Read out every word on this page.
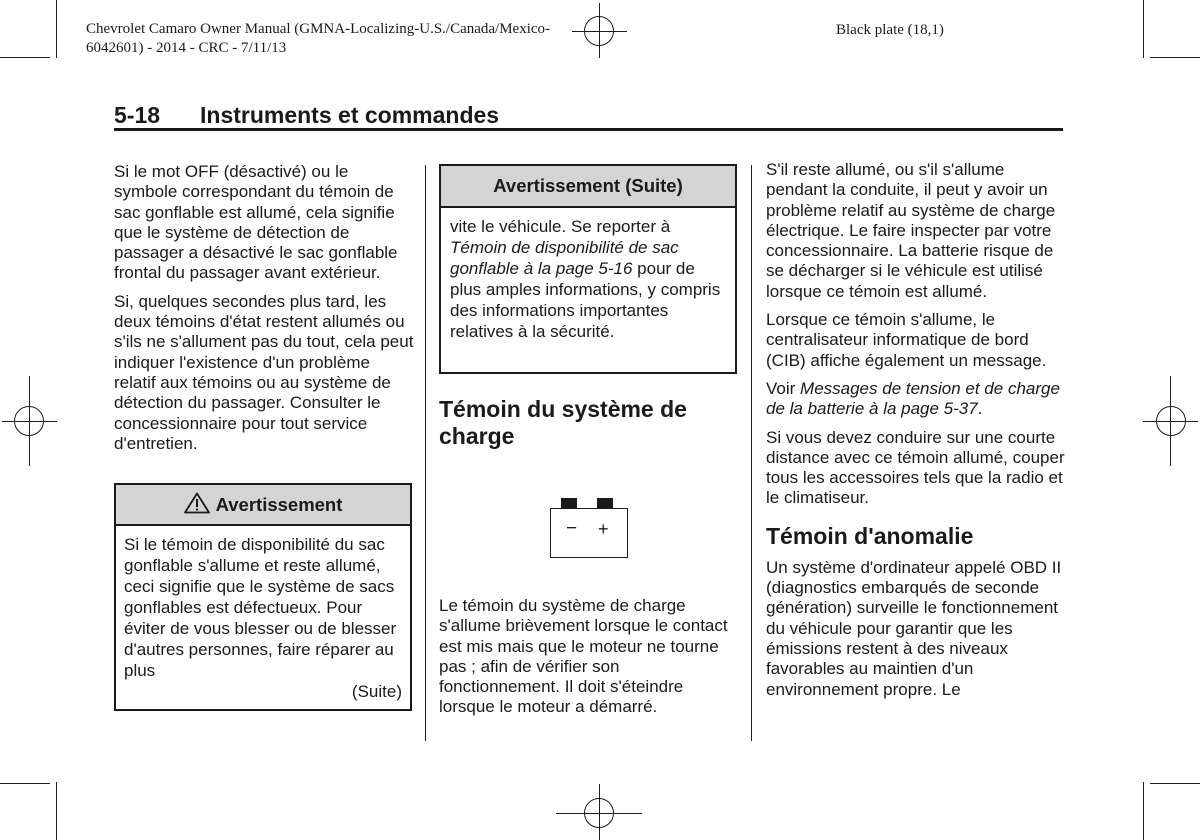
Chevrolet Camaro Owner Manual (GMNA-Localizing-U.S./Canada/Mexico-
6042601) - 2014 - CRC - 7/11/13
Black plate (18,1)
5-18 Instruments et commandes

Si le mot OFF (désactivé) ou le symbole correspondant du témoin de sac gonflable est allumé, cela signifie que le système de détection de passager a désactivé le sac gonflable frontal du passager avant extérieur.

Si, quelques secondes plus tard, les deux témoins d'état restent allumés ou s'ils ne s'allument pas du tout, cela peut indiquer l'existence d'un problème relatif aux témoins ou au système de détection du passager. Consulter le concessionnaire pour tout service d'entretien.

Avertissement

Si le témoin de disponibilité du sac gonflable s'allume et reste allumé, ceci signifie que le système de sacs gonflables est défectueux. Pour éviter de vous blesser ou de blesser d'autres personnes, faire réparer au plus

(Suite)

Avertissement (Suite)

vite le véhicule. Se reporter à Témoin de disponibilité de sac gonflable à la page 5-16 pour de plus amples informations, y compris des informations importantes relatives à la sécurité.

Témoin du système de charge
− +

Le témoin du système de charge s'allume brièvement lorsque le contact est mis mais que le moteur ne tourne pas ; afin de vérifier son fonctionnement. Il doit s'éteindre lorsque le moteur a démarré.

S'il reste allumé, ou s'il s'allume pendant la conduite, il peut y avoir un problème relatif au système de charge électrique. Le faire inspecter par votre concessionnaire. La batterie risque de se décharger si le véhicule est utilisé lorsque ce témoin est allumé.

Lorsque ce témoin s'allume, le centralisateur informatique de bord (CIB) affiche également un message.

Voir Messages de tension et de charge de la batterie à la page 5-37.

Si vous devez conduire sur une courte distance avec ce témoin allumé, couper tous les accessoires tels que la radio et le climatiseur.

Témoin d'anomalie

Un système d'ordinateur appelé OBD II (diagnostics embarqués de seconde génération) surveille le fonctionnement du véhicule pour garantir que les émissions restent à des niveaux favorables au maintien d'un environnement propre. Le
